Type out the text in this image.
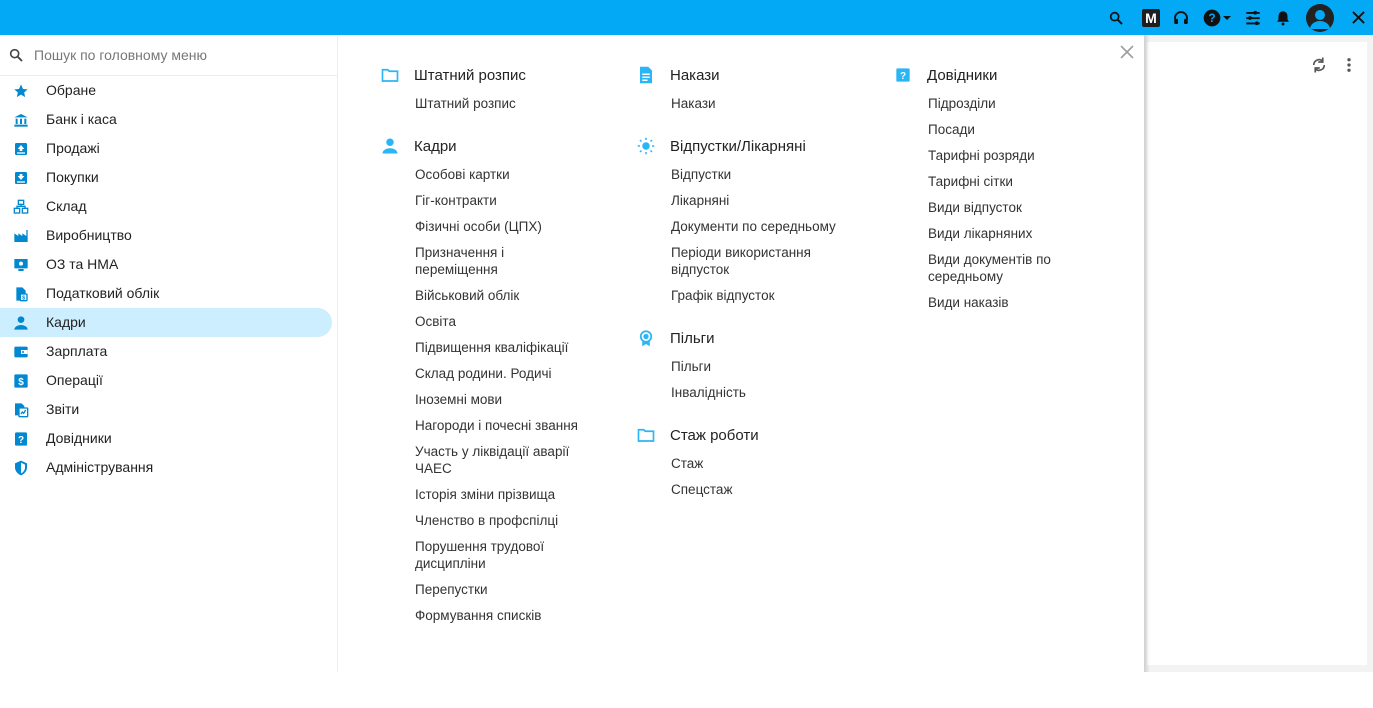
M	?
Пошук по головному меню
Обране
Банк і каса
Продажі
Покупки
Склад
Виробництво
ОЗ та НМА
$ Податковий облік
Кадри
Зарплата
$ Операції
Звіти
? Довідники
Адміністрування
Штатний розпис
Штатний розпис
Кадри
Особові картки
Гіг-контракти
Фізичні особи (ЦПХ)
Призначення і переміщення
Військовий облік
Освіта
Підвищення кваліфікації
Склад родини. Родичі
Іноземні мови
Нагороди і почесні звання
Участь у ліквідації аварії ЧАЕС
Історія зміни прізвища
Членство в профспілці
Порушення трудової дисципліни
Перепустки
Формування списків
Накази
Накази
Відпустки/Лікарняні
Відпустки
Лікарняні
Документи по середньому
Періоди використання відпусток
Графік відпусток
Пільги
Пільги
Інвалідність
Стаж роботи
Стаж
Спецстаж
? Довідники
Підрозділи
Посади
Тарифні розряди
Тарифні сітки
Види відпусток
Види лікарняних
Види документів по середньому
Види наказів
